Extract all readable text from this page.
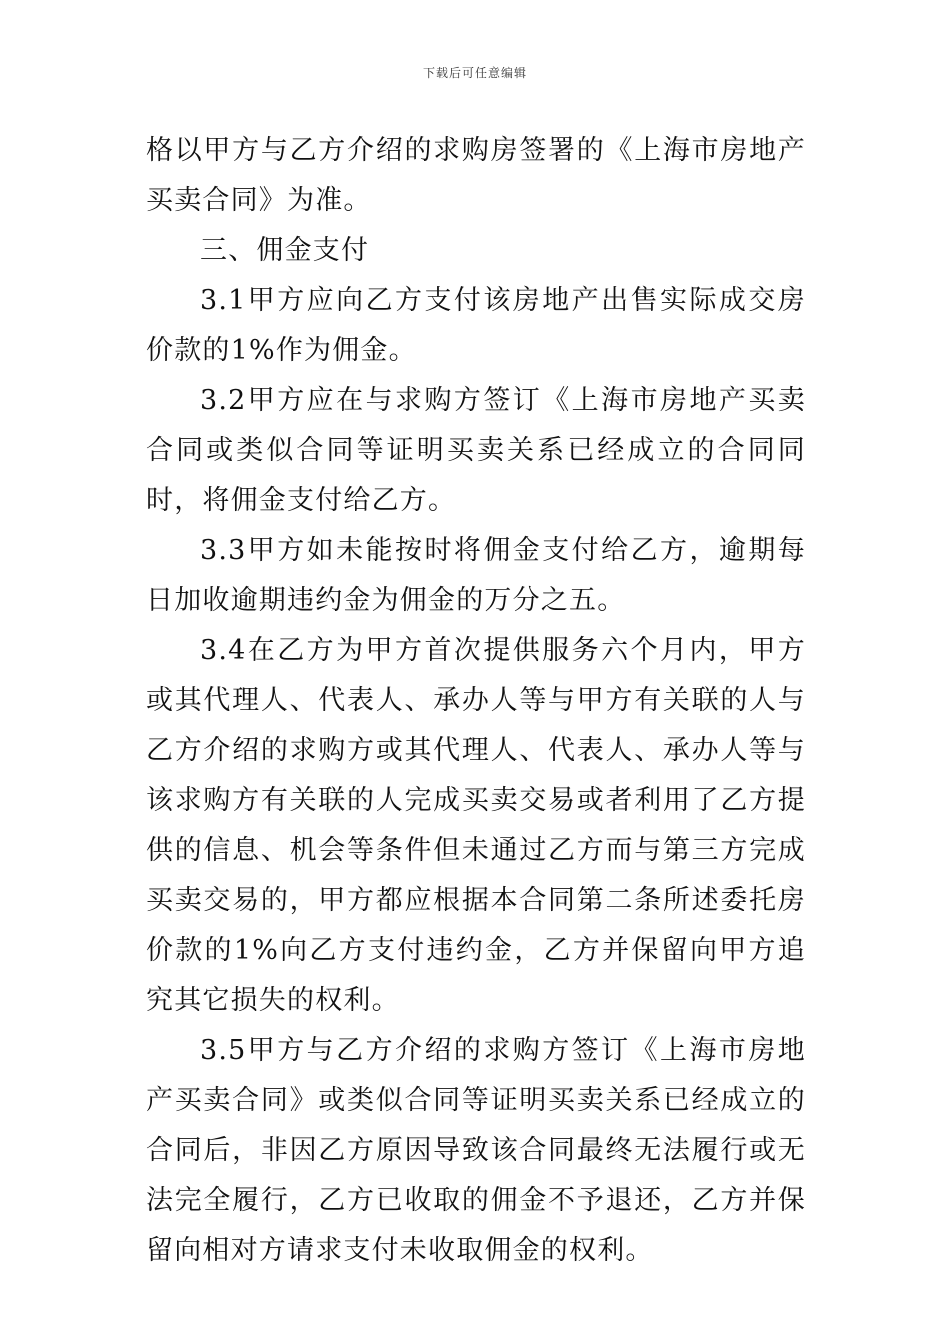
下载后可任意编辑

格以甲方与乙方介绍的求购房签署的《上海市房地产买卖合同》为准。

三、佣金支付

3.1甲方应向乙方支付该房地产出售实际成交房价款的1%作为佣金。

3.2甲方应在与求购方签订《上海市房地产买卖合同或类似合同等证明买卖关系已经成立的合同同时，将佣金支付给乙方。

3.3甲方如未能按时将佣金支付给乙方，逾期每日加收逾期违约金为佣金的万分之五。

3.4在乙方为甲方首次提供服务六个月内，甲方或其代理人、代表人、承办人等与甲方有关联的人与乙方介绍的求购方或其代理人、代表人、承办人等与该求购方有关联的人完成买卖交易或者利用了乙方提供的信息、机会等条件但未通过乙方而与第三方完成买卖交易的，甲方都应根据本合同第二条所述委托房价款的1%向乙方支付违约金，乙方并保留向甲方追究其它损失的权利。

3.5甲方与乙方介绍的求购方签订《上海市房地产买卖合同》或类似合同等证明买卖关系已经成立的合同后，非因乙方原因导致该合同最终无法履行或无法完全履行，乙方已收取的佣金不予退还，乙方并保留向相对方请求支付未收取佣金的权利。
